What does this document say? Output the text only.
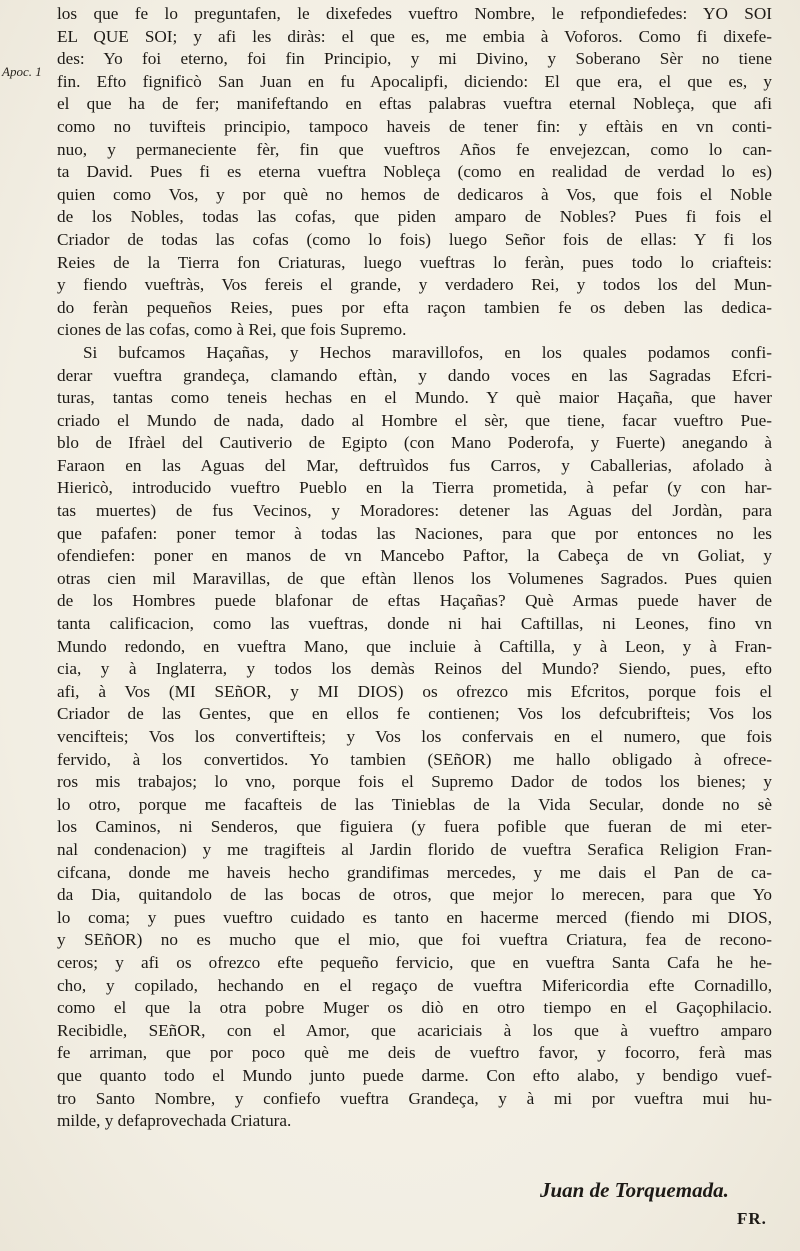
Apoc. 1
los que fe lo preguntafen, le dixefedes vueftro Nombre, le refpondiefedes: YO SOI
EL QUE SOI; y afi les diràs: el que es, me embia à Voforos. Como fi dixefe-
des: Yo foi eterno, foi fin Principio, y mi Divino, y Soberano Sèr no tiene
fin. Efto fignificò San Juan en fu Apocalipfi, diciendo: El que era, el que es, y
el que ha de fer; manifeftando en eftas palabras vueftra eternal Nobleça, que afi
como no tuvifteis principio, tampoco haveis de tener fin: y eftàis en vn conti-
nuo, y permaneciente fèr, fin que vueftros Años fe envejezcan, como lo can-
ta David. Pues fi es eterna vueftra Nobleça (como en realidad de verdad lo es)
quien como Vos, y por què no hemos de dedicaros à Vos, que fois el Noble
de los Nobles, todas las cofas, que piden amparo de Nobles? Pues fi fois el
Criador de todas las cofas (como lo fois) luego Señor fois de ellas: Y fi los
Reies de la Tierra fon Criaturas, luego vueftras lo feràn, pues todo lo criafteis:
y fiendo vueftràs, Vos fereis el grande, y verdadero Rei, y todos los del Mun-
do feràn pequeños Reies, pues por efta raçon tambien fe os deben las dedica-
ciones de las cofas, como à Rei, que fois Supremo.
Si bufcamos Haçañas, y Hechos maravillofos, en los quales podamos confi-
derar vueftra grandeça, clamando eftàn, y dando voces en las Sagradas Efcri-
turas, tantas como teneis hechas en el Mundo. Y què maior Haçaña, que haver
criado el Mundo de nada, dado al Hombre el sèr, que tiene, facar vueftro Pue-
blo de Ifràel del Cautiverio de Egipto (con Mano Poderofa, y Fuerte) anegando à
Faraon en las Aguas del Mar, deftruìdos fus Carros, y Caballerias, afolado à
Hiericò, introducido vueftro Pueblo en la Tierra prometida, à pefar (y con har-
tas muertes) de fus Vecinos, y Moradores: detener las Aguas del Jordàn, para
que pafafen: poner temor à todas las Naciones, para que por entonces no les
ofendiefen: poner en manos de vn Mancebo Paftor, la Cabeça de vn Goliat, y
otras cien mil Maravillas, de que eftàn llenos los Volumenes Sagrados. Pues quien
de los Hombres puede blafonar de eftas Haçañas? Què Armas puede haver de
tanta calificacion, como las vueftras, donde ni hai Caftillas, ni Leones, fino vn
Mundo redondo, en vueftra Mano, que incluie à Caftilla, y à Leon, y à Fran-
cia, y à Inglaterra, y todos los demàs Reinos del Mundo? Siendo, pues, efto
afi, à Vos (MI SEñOR, y MI DIOS) os ofrezco mis Efcritos, porque fois el
Criador de las Gentes, que en ellos fe contienen; Vos los defcubrifteis; Vos los
vencifteis; Vos los convertifteis; y Vos los confervais en el numero, que fois
fervido, à los convertidos. Yo tambien (SEñOR) me hallo obligado à ofrece-
ros mis trabajos; lo vno, porque fois el Supremo Dador de todos los bienes; y
lo otro, porque me facafteis de las Tinieblas de la Vida Secular, donde no sè
los Caminos, ni Senderos, que figuiera (y fuera pofible que fueran de mi eter-
nal condenacion) y me tragifteis al Jardin florido de vueftra Serafica Religion Fran-
cifcana, donde me haveis hecho grandifimas mercedes, y me dais el Pan de ca-
da Dia, quitandolo de las bocas de otros, que mejor lo merecen, para que Yo
lo coma; y pues vueftro cuidado es tanto en hacerme merced (fiendo mi DIOS,
y SEñOR) no es mucho que el mio, que foi vueftra Criatura, fea de recono-
ceros; y afi os ofrezco efte pequeño fervicio, que en vueftra Santa Cafa he he-
cho, y copilado, hechando en el regaço de vueftra Mifericordia efte Cornadillo,
como el que la otra pobre Muger os diò en otro tiempo en el Gaçophilacio.
Recibidle, SEñOR, con el Amor, que acariciais à los que à vueftro amparo
fe arriman, que por poco què me deis de vueftro favor, y focorro, ferà mas
que quanto todo el Mundo junto puede darme. Con efto alabo, y bendigo vuef-
tro Santo Nombre, y confiefo vueftra Grandeça, y à mi por vueftra mui hu-
milde, y defaprovechada Criatura.
Juan de Torquemada.
FR.
